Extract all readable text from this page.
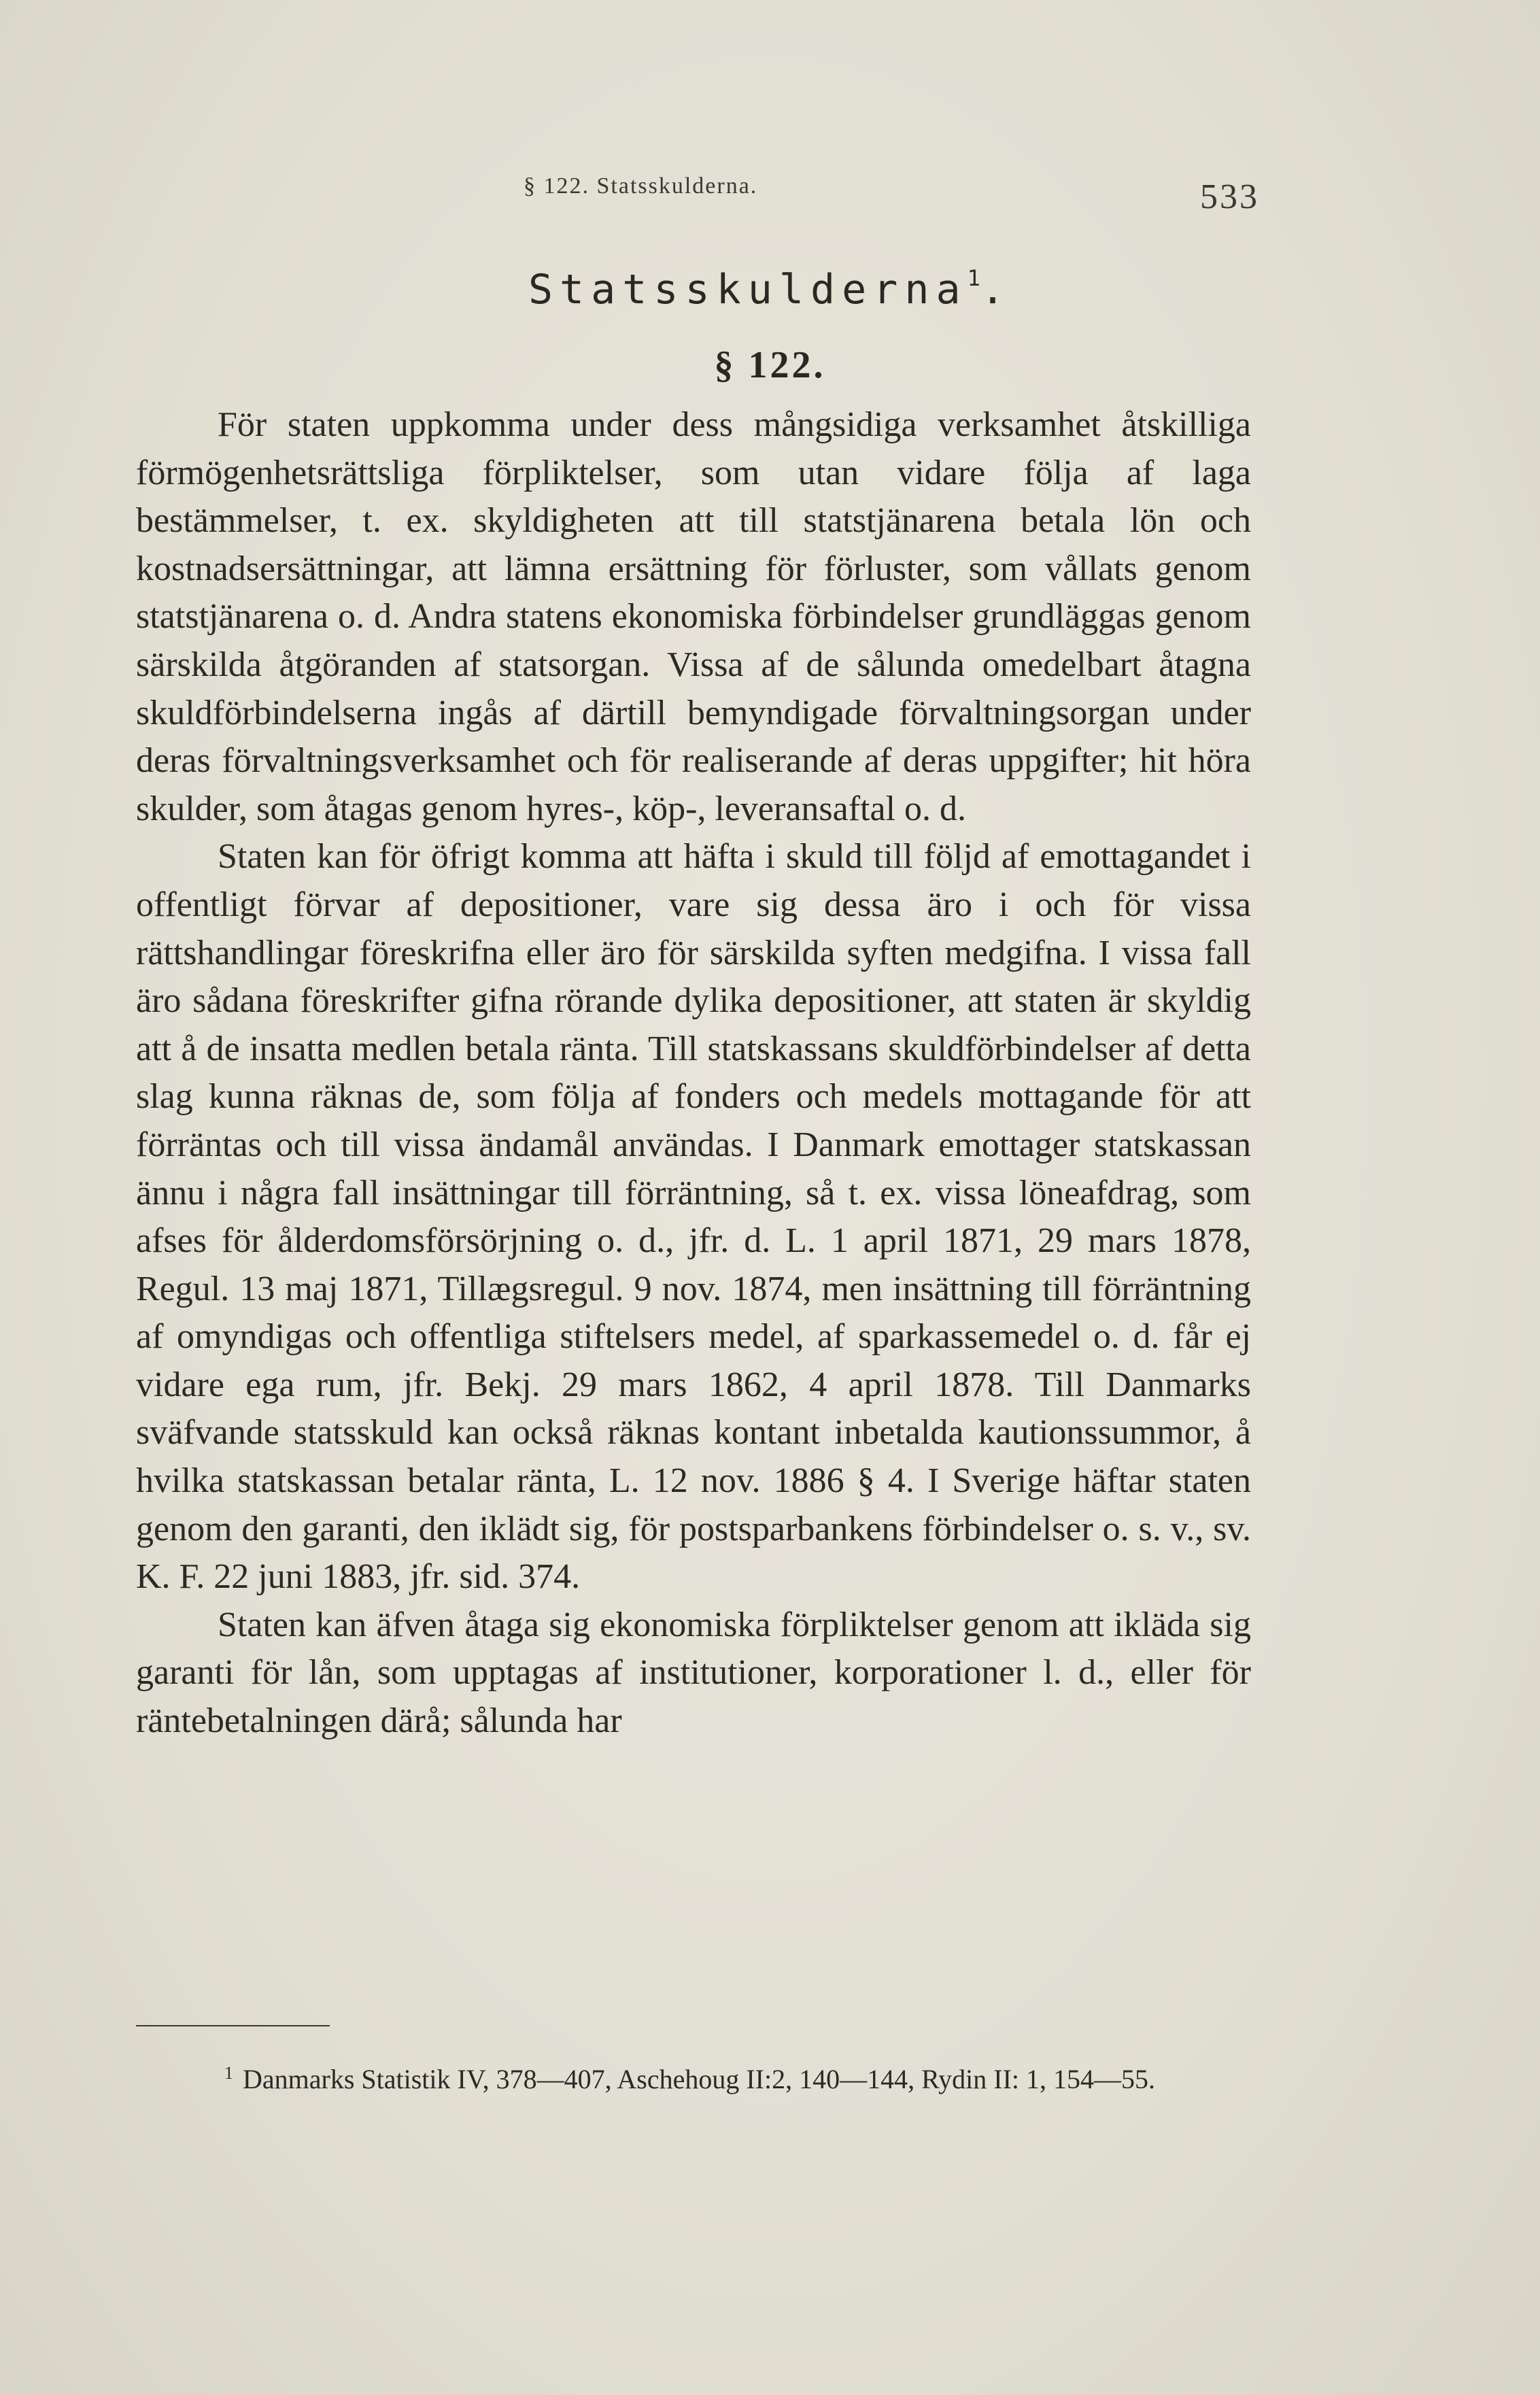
§ 122. Statsskulderna.	533
Statsskulderna$^1$.
§ 122.

För staten uppkomma under dess mångsidiga verksamhet åtskilliga förmögenhetsrättsliga förpliktelser, som utan vidare följa af laga bestämmelser, t. ex. skyldigheten att till statstjänarena betala lön och kostnadsersättningar, att lämna ersättning för förluster, som vållats genom statstjänarena o. d. Andra statens ekonomiska förbindelser grundläggas genom särskilda åtgöranden af statsorgan. Vissa af de sålunda omedelbart åtagna skuldförbindelserna ingås af därtill bemyndigade förvaltningsorgan under deras förvaltningsverksamhet och för realiserande af deras uppgifter; hit höra skulder, som åtagas genom hyres-, köp-, leveransaftal o. d.

Staten kan för öfrigt komma att häfta i skuld till följd af emottagandet i offentligt förvar af depositioner, vare sig dessa äro i och för vissa rättshandlingar föreskrifna eller äro för särskilda syften medgifna. I vissa fall äro sådana föreskrifter gifna rörande dylika depositioner, att staten är skyldig att å de insatta medlen betala ränta. Till statskassans skuldförbindelser af detta slag kunna räknas de, som följa af fonders och medels mottagande för att förräntas och till vissa ändamål användas. I Danmark emottager statskassan ännu i några fall insättningar till förräntning, så t. ex. vissa löneafdrag, som afses för ålderdomsförsörjning o. d., jfr. d. L. 1 april 1871, 29 mars 1878, Regul. 13 maj 1871, Tillægsregul. 9 nov. 1874, men insättning till förräntning af omyndigas och offentliga stiftelsers medel, af sparkassemedel o. d. får ej vidare ega rum, jfr. Bekj. 29 mars 1862, 4 april 1878. Till Danmarks sväfvande statsskuld kan också räknas kontant inbetalda kautionssummor, å hvilka statskassan betalar ränta, L. 12 nov. 1886 § 4. I Sverige häftar staten genom den garanti, den iklädt sig, för postsparbankens förbindelser o. s. v., sv. K. F. 22 juni 1883, jfr. sid. 374.

Staten kan äfven åtaga sig ekonomiska förpliktelser genom att ikläda sig garanti för lån, som upptagas af institutioner, korporationer l. d., eller för räntebetalningen därå; sålunda har

$^1$ Danmarks Statistik IV, 378—407, Aschehoug II:2, 140—144, Rydin II: 1, 154—55.
